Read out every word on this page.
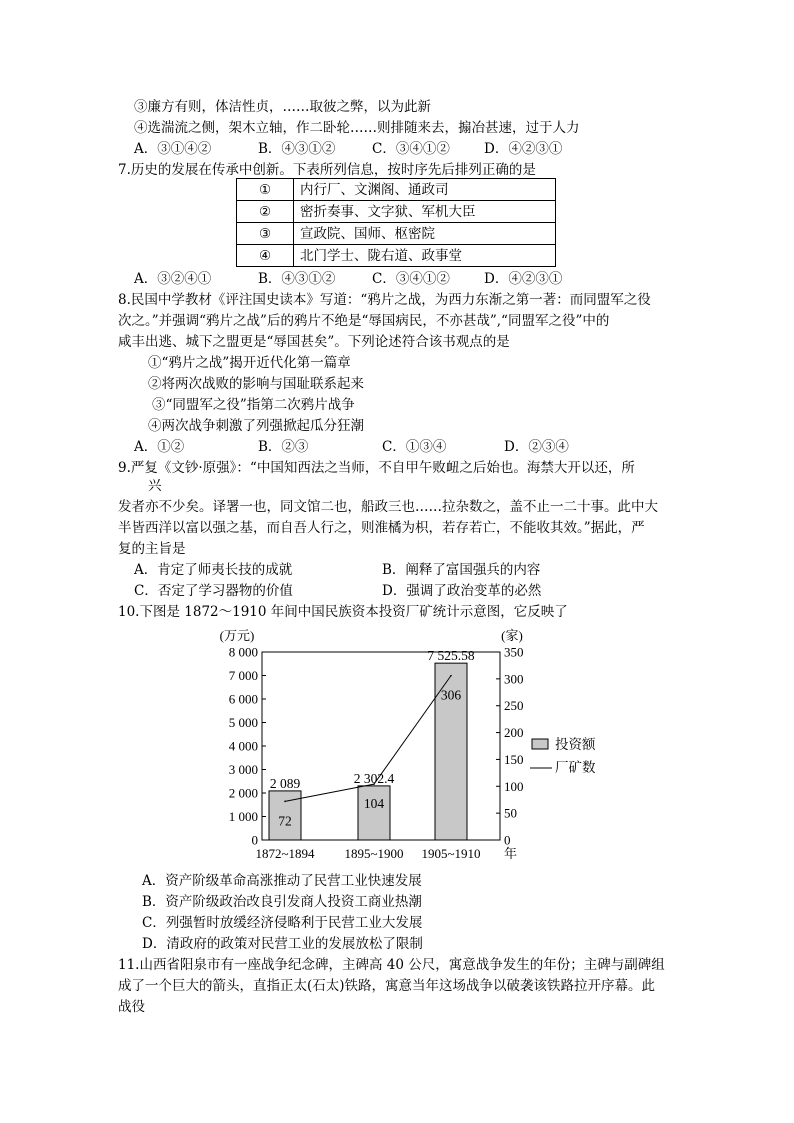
③廉方有则，体洁性贞，……取彼之弊，以为此新
④选湍流之侧，架木立轴，作二卧轮……则排随来去，搧冶甚速，过于人力
A．③①④②	B．④③①②	C．③④①②	D．④②③①
7.历史的发展在传承中创新。下表所列信息，按时序先后排列正确的是
①	内行厂、文渊阁、通政司
②	密折奏事、文字狱、军机大臣
③	宣政院、国师、枢密院
④	北门学士、陇右道、政事堂
A．③②④①	B．④③①②	C．③④①②	D．④②③①
8.民国中学教材《评注国史读本》写道：“鸦片之战，为西力东渐之第一著：而同盟军之役
次之。”并强调“鸦片之战”后的鸦片不绝是“辱国病民，不亦甚哉”,“同盟军之役”中的
咸丰出逃、城下之盟更是“辱国甚矣”。下列论述符合该书观点的是
①“鸦片之战”揭开近代化第一篇章
②将两次战败的影响与国耻联系起来
③“同盟军之役”指第二次鸦片战争
④两次战争刺激了列强掀起瓜分狂潮
A．①②	B．②③	C．①③④	D．②③④
9.严复《文钞·原强》：“中国知西法之当师，不自甲午败衄之后始也。海禁大开以还，所
兴
发者亦不少矣。译署一也，同文馆二也，船政三也……拉杂数之，盖不止一二十事。此中大
半皆西洋以富以强之基，而自吾人行之，则淮橘为枳，若存若亡，不能收其效。”据此，严
复的主旨是
A．肯定了师夷长技的成就	B．阐释了富国强兵的内容
C．否定了学习器物的价值	D．强调了政治变革的必然
10.下图是 1872～1910 年间中国民族资本投资厂矿统计示意图，它反映了
(万元)	(家)
0
1 000
2 000
3 000
4 000
5 000
6 000
7 000
8 000
0
50
100
150
200
250
300
350
1872~1894 1895~1900 1905~1910 年
2 089	2 302.4
7 525.58
72
104
306
投资额
厂矿数
A．资产阶级革命高涨推动了民营工业快速发展
B．资产阶级政治改良引发商人投资工商业热潮
C．列强暂时放缓经济侵略利于民营工业大发展
D．清政府的政策对民营工业的发展放松了限制
11.山西省阳泉市有一座战争纪念碑，主碑高 40 公尺，寓意战争发生的年份；主碑与副碑组
成了一个巨大的箭头，直指正太(石太)铁路，寓意当年这场战争以破袭该铁路拉开序幕。此
战役
